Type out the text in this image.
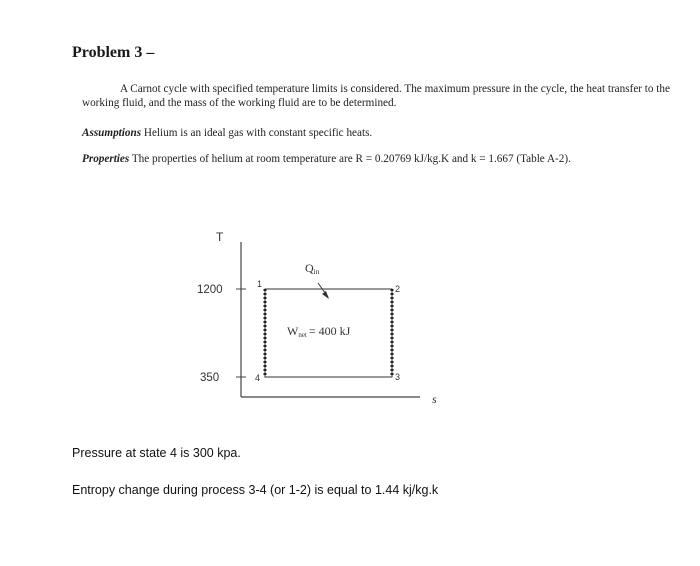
Problem 3 –
A Carnot cycle with specified temperature limits is considered. The maximum pressure in the cycle, the heat transfer to the working fluid, and the mass of the working fluid are to be determined.
Assumptions Helium is an ideal gas with constant specific heats.
Properties The properties of helium at room temperature are R = 0.20769 kJ/kg.K and k = 1.667 (Table A-2).
T
s
1200
350
1	2
3
4
Qin
Wnet = 400 kJ
Pressure at state 4 is 300 kpa.
Entropy change during process 3-4 (or 1-2) is equal to 1.44 kj/kg.k
